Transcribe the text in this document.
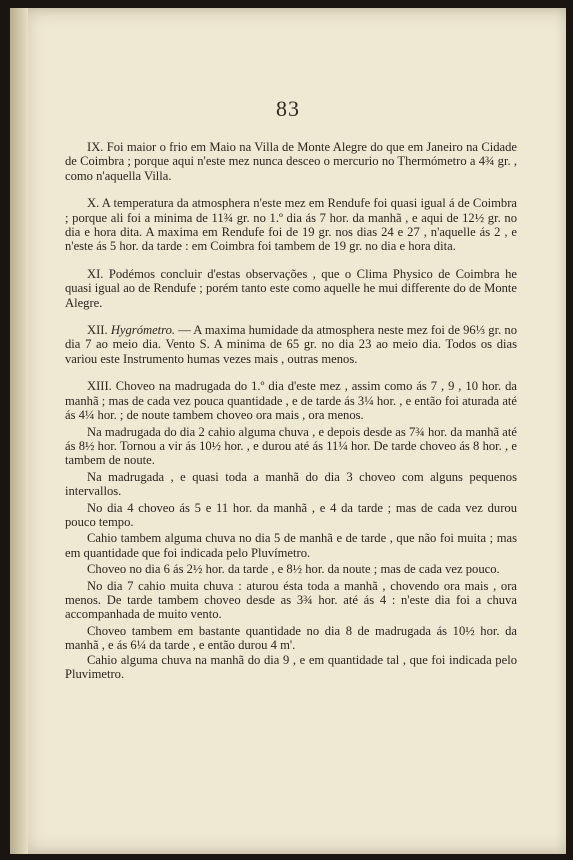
83

IX. Foi maior o frio em Maio na Villa de Monte Alegre do que em Janeiro na Cidade de Coimbra ; porque aqui n'este mez nunca desceo o mercurio no Thermómetro a 4¾ gr. , como n'aquella Villa.

X. A temperatura da atmosphera n'este mez em Rendufe foi quasi igual á de Coimbra ; porque ali foi a minima de 11¾ gr. no 1.º dia ás 7 hor. da manhã , e aqui de 12½ gr. no dia e hora dita. A maxima em Rendufe foi de 19 gr. nos dias 24 e 27 , n'aquelle ás 2 , e n'este ás 5 hor. da tarde : em Coimbra foi tambem de 19 gr. no dia e hora dita.

XI. Podémos concluir d'estas observações , que o Clima Physico de Coimbra he quasi igual ao de Rendufe ; porém tanto este como aquelle he mui differente do de Monte Alegre.

XII. Hygrómetro. — A maxima humidade da atmosphera neste mez foi de 96⅓ gr. no dia 7 ao meio dia. Vento S. A minima de 65 gr. no dia 23 ao meio dia. Todos os dias variou este Instrumento humas vezes mais , outras menos.

XIII. Choveo na madrugada do 1.º dia d'este mez , assim como ás 7 , 9 , 10 hor. da manhã ; mas de cada vez pouca quantidade , e de tarde ás 3¼ hor. , e então foi aturada até ás 4¼ hor. ; de noute tambem choveo ora mais , ora menos.

Na madrugada do dia 2 cahio alguma chuva , e depois desde as 7¾ hor. da manhã até ás 8½ hor. Tornou a vir ás 10½ hor. , e durou até ás 11¼ hor. De tarde choveo ás 8 hor. , e tambem de noute.

Na madrugada , e quasi toda a manhã do dia 3 choveo com alguns pequenos intervallos.

No dia 4 choveo ás 5 e 11 hor. da manhã , e 4 da tarde ; mas de cada vez durou pouco tempo.

Cahio tambem alguma chuva no dia 5 de manhã e de tarde , que não foi muita ; mas em quantidade que foi indicada pelo Pluvímetro.

Choveo no dia 6 ás 2½ hor. da tarde , e 8½ hor. da noute ; mas de cada vez pouco.

No dia 7 cahio muita chuva : aturou ésta toda a manhã , chovendo ora mais , ora menos. De tarde tambem choveo desde as 3¾ hor. até ás 4 : n'este dia foi a chuva accompanhada de muito vento.

Choveo tambem em bastante quantidade no dia 8 de madrugada ás 10½ hor. da manhã , e ás 6¼ da tarde , e então durou 4 m'.

Cahio alguma chuva na manhã do dia 9 , e em quantidade tal , que foi indicada pelo Pluvimetro.
